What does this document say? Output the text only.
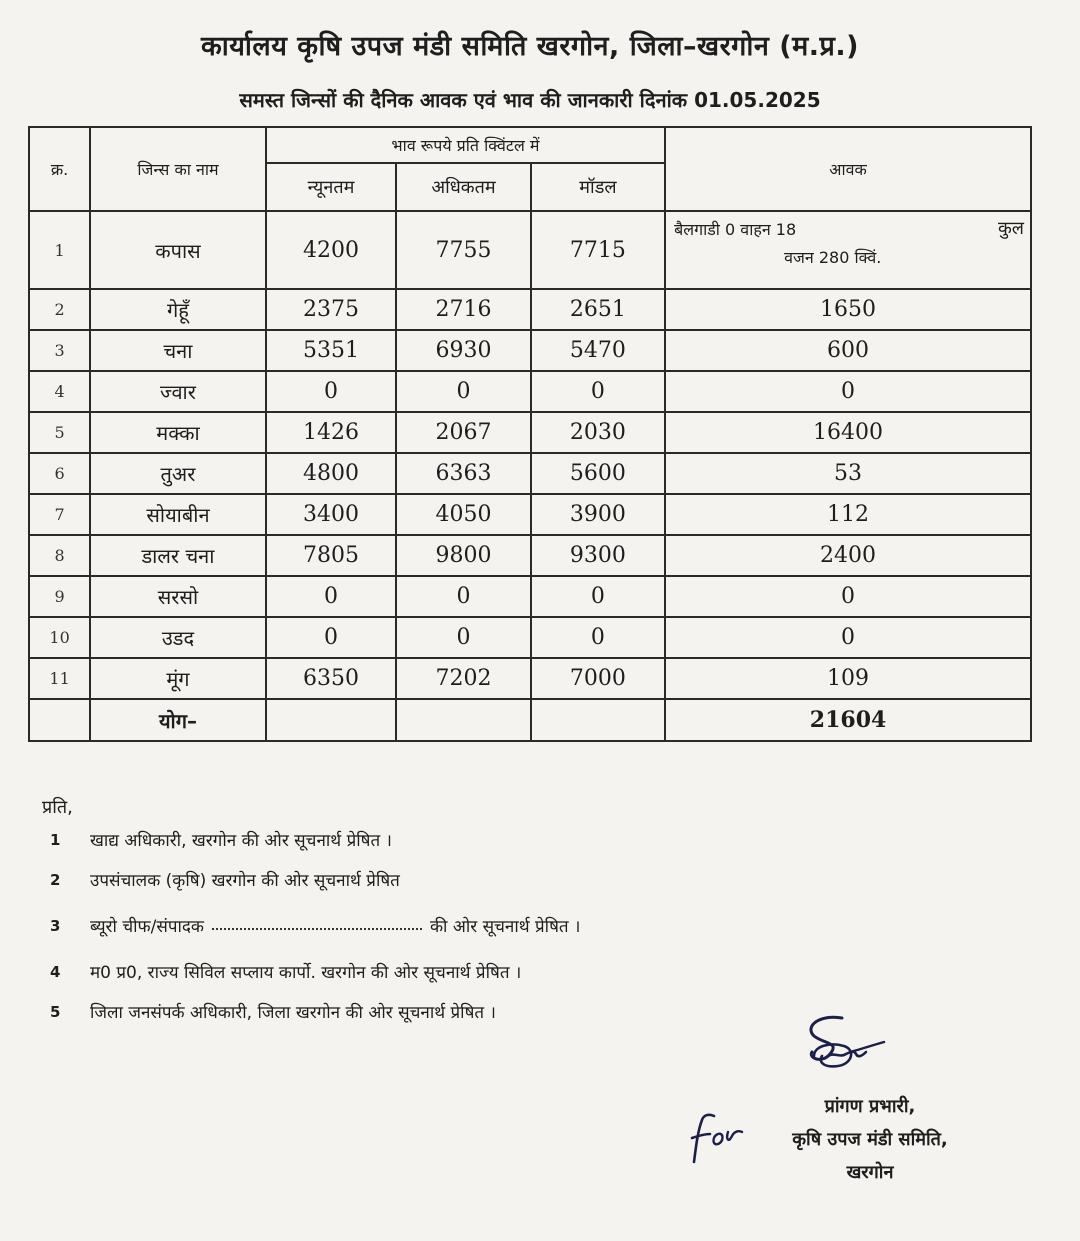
कार्यालय कृषि उपज मंडी समिति खरगोन, जिला–खरगोन (म.प्र.)
समस्त जिन्सों की दैनिक आवक एवं भाव की जानकारी दिनांक 01.05.2025
क्र.	जिन्स का नाम	भाव रूपये प्रति क्विंटल में			आवक
		न्यूनतम	अधिकतम	मॉडल	
1	कपास	4200	7755	7715	बैलगाडी 0 वाहन 18 कुल
वजन 280 क्विं.

2	गेहूँ	2375	2716	2651	1650
3	चना	5351	6930	5470	600
4	ज्वार	0	0	0	0
5	मक्का	1426	2067	2030	16400
6	तुअर	4800	6363	5600	53
7	सोयाबीन	3400	4050	3900	112
8	डालर चना	7805	9800	9300	2400
9	सरसो	0	0	0	0
10	उडद	0	0	0	0
11	मूंग	6350	7202	7000	109
	योग–				21604
प्रति,
1 खाद्य अधिकारी, खरगोन की ओर सूचनार्थ प्रेषित ।
2 उपसंचालक (कृषि) खरगोन की ओर सूचनार्थ प्रेषित
3 ब्यूरो चीफ/संपादक	की ओर सूचनार्थ प्रेषित ।
4 म0 प्र0, राज्य सिविल सप्लाय कार्पो. खरगोन की ओर सूचनार्थ प्रेषित ।
5 जिला जनसंपर्क अधिकारी, जिला खरगोन की ओर सूचनार्थ प्रेषित ।
प्रांगण प्रभारी,
कृषि उपज मंडी समिति,
खरगोन
